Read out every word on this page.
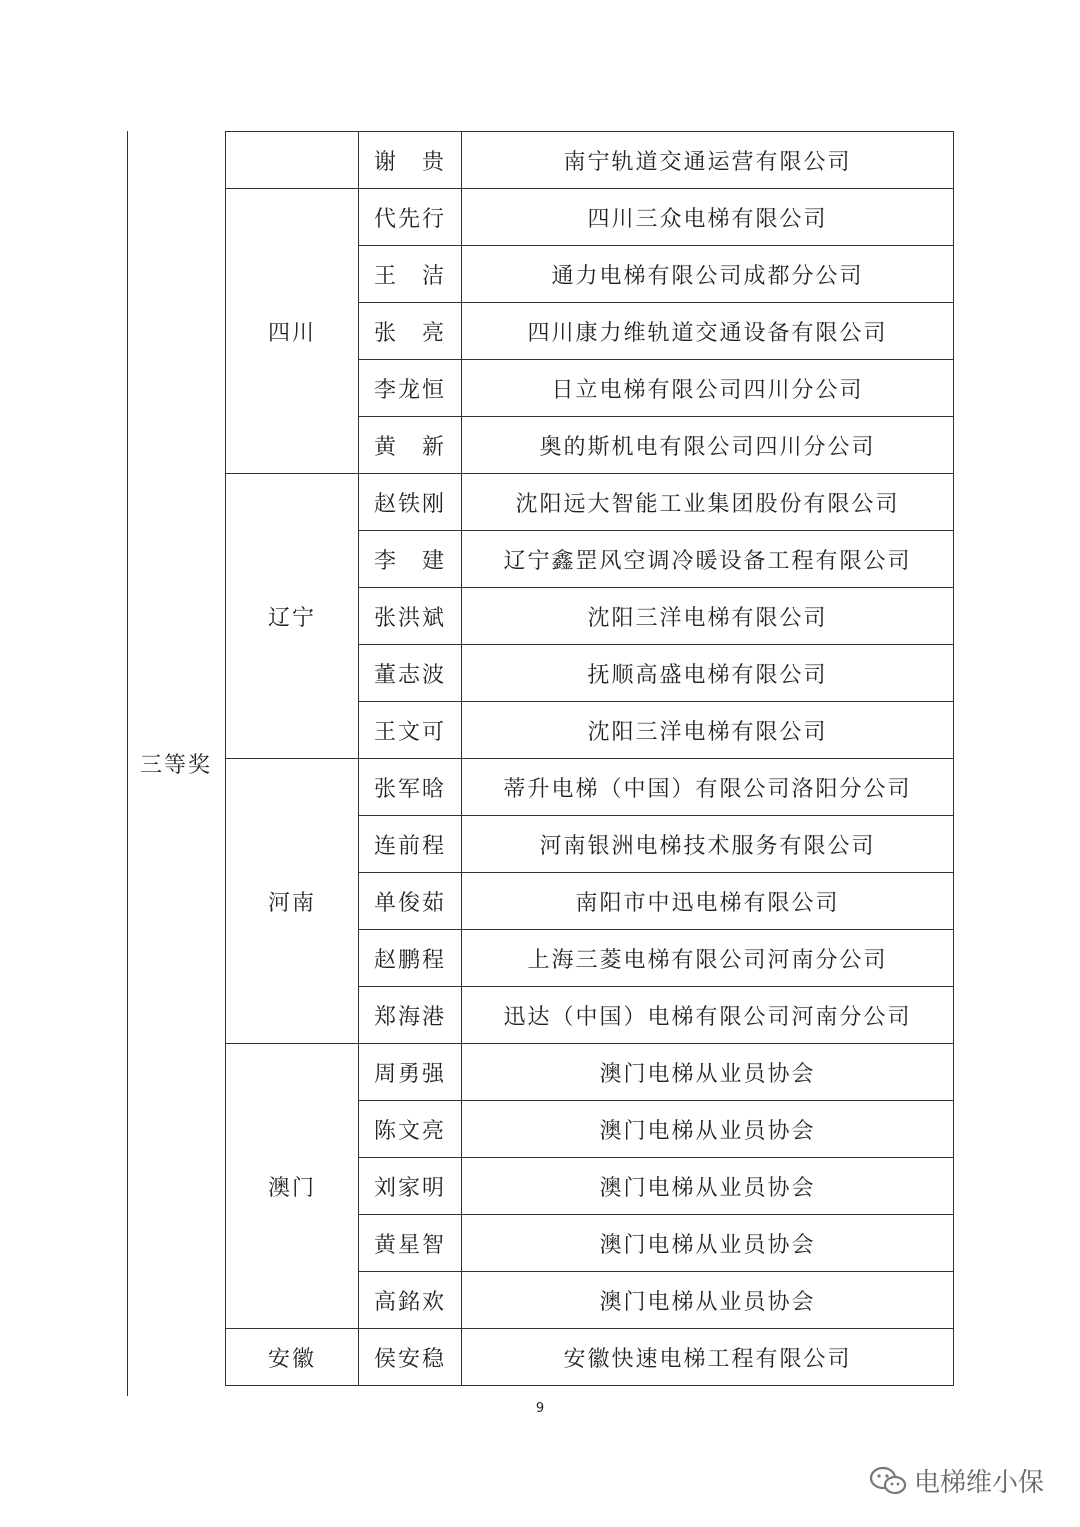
三等奖
	谢　贵	南宁轨道交通运营有限公司
四川	代先行	四川三众电梯有限公司
	王　洁	通力电梯有限公司成都分公司
	张　亮	四川康力维轨道交通设备有限公司
	李龙恒	日立电梯有限公司四川分公司
	黄　新	奥的斯机电有限公司四川分公司
辽宁	赵铁刚	沈阳远大智能工业集团股份有限公司
	李　建	辽宁鑫罡风空调冷暖设备工程有限公司
	张洪斌	沈阳三洋电梯有限公司
	董志波	抚顺高盛电梯有限公司
	王文可	沈阳三洋电梯有限公司
河南	张军晗	蒂升电梯（中国）有限公司洛阳分公司
	连前程	河南银洲电梯技术服务有限公司
	单俊茹	南阳市中迅电梯有限公司
	赵鹏程	上海三菱电梯有限公司河南分公司
	郑海港	迅达（中国）电梯有限公司河南分公司
澳门	周勇强	澳门电梯从业员协会
	陈文亮	澳门电梯从业员协会
	刘家明	澳门电梯从业员协会
	黄星智	澳门电梯从业员协会
	高銘欢	澳门电梯从业员协会
安徽	侯安稳	安徽快速电梯工程有限公司
9
电梯维小保
